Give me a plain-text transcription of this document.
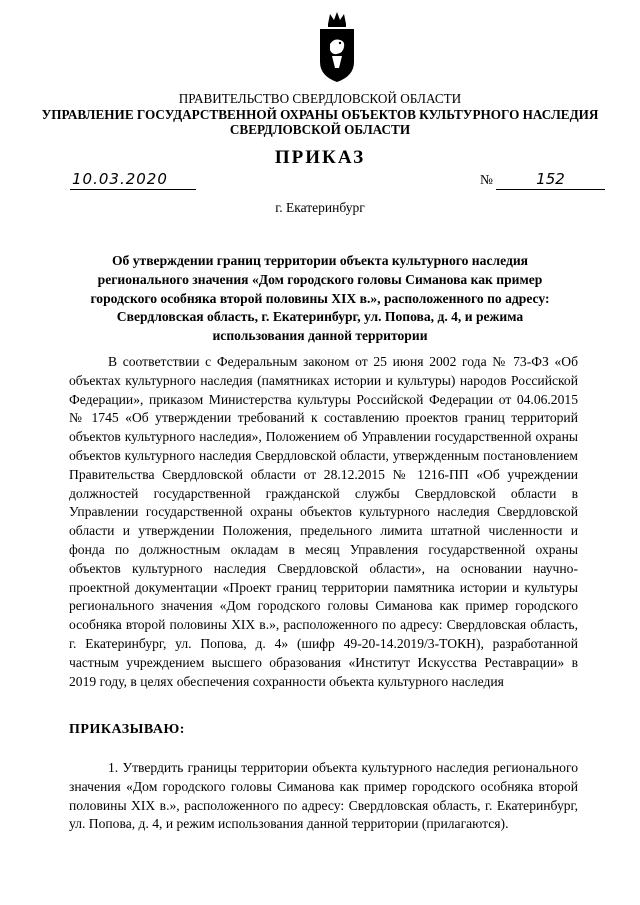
ПРАВИТЕЛЬСТВО СВЕРДЛОВСКОЙ ОБЛАСТИ
УПРАВЛЕНИЕ ГОСУДАРСТВЕННОЙ ОХРАНЫ ОБЪЕКТОВ КУЛЬТУРНОГО НАСЛЕДИЯ
СВЕРДЛОВСКОЙ ОБЛАСТИ
ПРИКАЗ
10.03.2020	№	152
г. Екатеринбург
Об утверждении границ территории объекта культурного наследия регионального значения «Дом городского головы Симанова как пример городского особняка второй половины XIX в.», расположенного по адресу: Свердловская область, г. Екатеринбург, ул. Попова, д. 4, и режима использования данной территории

В соответствии с Федеральным законом от 25 июня 2002 года № 73-ФЗ «Об объектах культурного наследия (памятниках истории и культуры) народов Российской Федерации», приказом Министерства культуры Российской Федерации от 04.06.2015 № 1745 «Об утверждении требований к составлению проектов границ территорий объектов культурного наследия», Положением об Управлении государственной охраны объектов культурного наследия Свердловской области, утвержденным постановлением Правительства Свердловской области от 28.12.2015 № 1216-ПП «Об учреждении должностей государственной гражданской службы Свердловской области в Управлении государственной охраны объектов культурного наследия Свердловской области и утверждении Положения, предельного лимита штатной численности и фонда по должностным окладам в месяц Управления государственной охраны объектов культурного наследия Свердловской области», на основании научно-проектной документации «Проект границ территории памятника истории и культуры регионального значения «Дом городского головы Симанова как пример городского особняка второй половины XIX в.», расположенного по адресу: Свердловская область, г. Екатеринбург, ул. Попова, д. 4» (шифр 49-20-14.2019/3-ТОКН), разработанной частным учреждением высшего образования «Институт Искусства Реставрации» в 2019 году, в целях обеспечения сохранности объекта культурного наследия

ПРИКАЗЫВАЮ:

1. Утвердить границы территории объекта культурного наследия регионального значения «Дом городского головы Симанова как пример городского особняка второй половины XIX в.», расположенного по адресу: Свердловская область, г. Екатеринбург, ул. Попова, д. 4, и режим использования данной территории (прилагаются).
